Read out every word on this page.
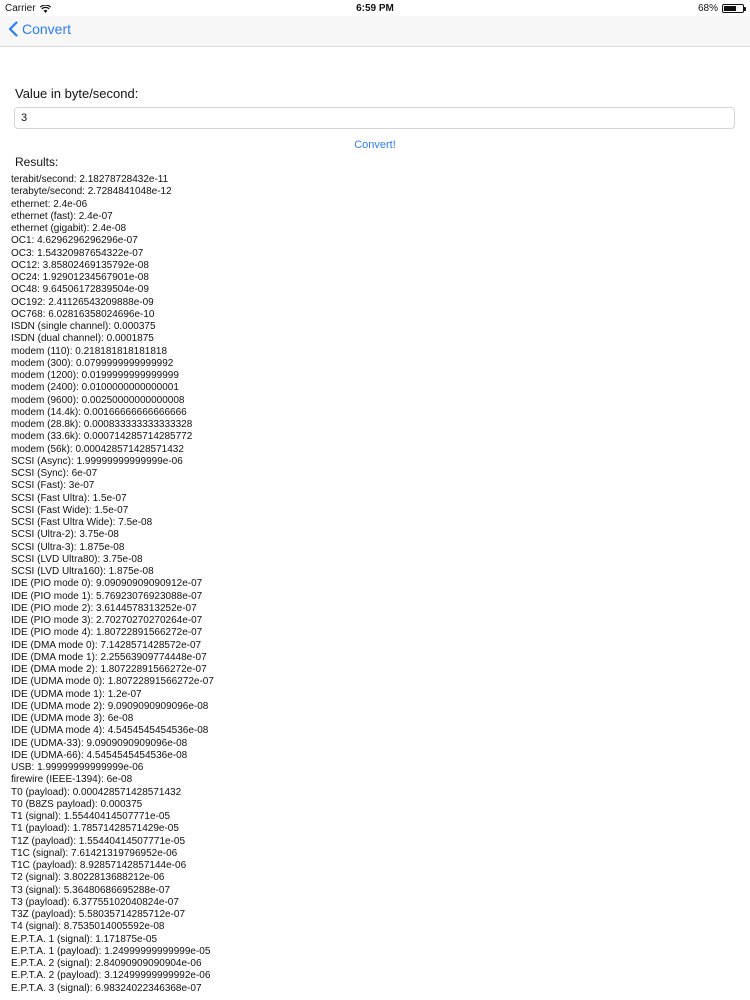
Carrier	6:59 PM	68%
Convert
Value in byte/second:
3
Convert!
Results:
terabit/second: 2.18278728432e-11
terabyte/second: 2.7284841048e-12
ethernet: 2.4e-06
ethernet (fast): 2.4e-07
ethernet (gigabit): 2.4e-08
OC1: 4.6296296296296e-07
OC3: 1.54320987654322e-07
OC12: 3.85802469135792e-08
OC24: 1.92901234567901e-08
OC48: 9.64506172839504e-09
OC192: 2.41126543209888e-09
OC768: 6.02816358024696e-10
ISDN (single channel): 0.000375
ISDN (dual channel): 0.0001875
modem (110): 0.218181818181818
modem (300): 0.0799999999999992
modem (1200): 0.0199999999999999
modem (2400): 0.0100000000000001
modem (9600): 0.00250000000000008
modem (14.4k): 0.00166666666666666
modem (28.8k): 0.000833333333333328
modem (33.6k): 0.000714285714285772
modem (56k): 0.000428571428571432
SCSI (Async): 1.99999999999999e-06
SCSI (Sync): 6e-07
SCSI (Fast): 3e-07
SCSI (Fast Ultra): 1.5e-07
SCSI (Fast Wide): 1.5e-07
SCSI (Fast Ultra Wide): 7.5e-08
SCSI (Ultra-2): 3.75e-08
SCSI (Ultra-3): 1.875e-08
SCSI (LVD Ultra80): 3.75e-08
SCSI (LVD Ultra160): 1.875e-08
IDE (PIO mode 0): 9.09090909090912e-07
IDE (PIO mode 1): 5.76923076923088e-07
IDE (PIO mode 2): 3.6144578313252e-07
IDE (PIO mode 3): 2.70270270270264e-07
IDE (PIO mode 4): 1.80722891566272e-07
IDE (DMA mode 0): 7.1428571428572e-07
IDE (DMA mode 1): 2.25563909774448e-07
IDE (DMA mode 2): 1.80722891566272e-07
IDE (UDMA mode 0): 1.80722891566272e-07
IDE (UDMA mode 1): 1.2e-07
IDE (UDMA mode 2): 9.0909090909096e-08
IDE (UDMA mode 3): 6e-08
IDE (UDMA mode 4): 4.5454545454536e-08
IDE (UDMA-33): 9.0909090909096e-08
IDE (UDMA-66): 4.5454545454536e-08
USB: 1.99999999999999e-06
firewire (IEEE-1394): 6e-08
T0 (payload): 0.000428571428571432
T0 (B8ZS payload): 0.000375
T1 (signal): 1.55440414507771e-05
T1 (payload): 1.78571428571429e-05
T1Z (payload): 1.55440414507771e-05
T1C (signal): 7.61421319796952e-06
T1C (payload): 8.92857142857144e-06
T2 (signal): 3.8022813688212e-06
T3 (signal): 5.36480686695288e-07
T3 (payload): 6.37755102040824e-07
T3Z (payload): 5.58035714285712e-07
T4 (signal): 8.7535014005592e-08
E.P.T.A. 1 (signal): 1.171875e-05
E.P.T.A. 1 (payload): 1.24999999999999e-05
E.P.T.A. 2 (signal): 2.84090909090904e-06
E.P.T.A. 2 (payload): 3.12499999999992e-06
E.P.T.A. 3 (signal): 6.98324022346368e-07
